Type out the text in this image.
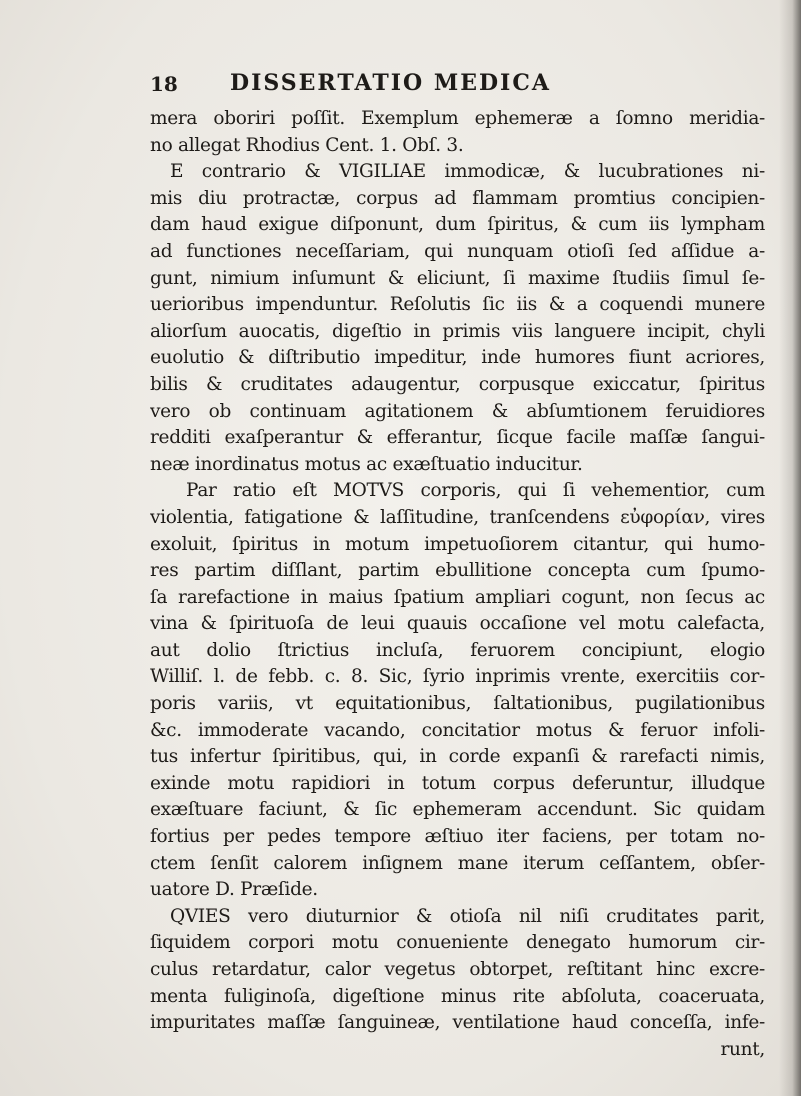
18 DISSERTATIO MEDICA
mera oboriri poſſit. Exemplum ephemeræ a ſomno meridia-
no allegat Rhodius Cent. 1. Obſ. 3.
E contrario & VIGILIAE immodicæ, & lucubrationes ni-
mis diu protractæ, corpus ad flammam promtius concipien-
dam haud exigue diſponunt, dum ſpiritus, & cum iis lympham
ad functiones neceſſariam, qui nunquam otioſi ſed aſſidue a-
gunt, nimium inſumunt & eliciunt, ſi maxime ſtudiis ſimul ſe-
uerioribus impenduntur. Reſolutis ſic iis & a coquendi munere
aliorſum auocatis, digeſtio in primis viis languere incipit, chyli
euolutio & diſtributio impeditur, inde humores fiunt acriores,
bilis & cruditates adaugentur, corpusque exiccatur, ſpiritus
vero ob continuam agitationem & abſumtionem feruidiores
redditi exaſperantur & efferantur, ſicque facile maſſæ ſangui-
neæ inordinatus motus ac exæſtuatio inducitur.
Par ratio eſt MOTVS corporis, qui ſi vehementior, cum
violentia, fatigatione & laſſitudine, tranſcendens εὐφορίαν, vires
exoluit, ſpiritus in motum impetuoſiorem citantur, qui humo-
res partim diſſlant, partim ebullitione concepta cum ſpumo-
ſa rarefactione in maius ſpatium ampliari cogunt, non ſecus ac
vina & ſpirituoſa de leui quauis occaſione vel motu calefacta,
aut dolio ſtrictius incluſa, feruorem concipiunt, elogio
Williſ. l. de febb. c. 8. Sic, ſyrio inprimis vrente, exercitiis cor-
poris variis, vt equitationibus, ſaltationibus, pugilationibus
&c. immoderate vacando, concitatior motus & feruor infoli-
tus infertur ſpiritibus, qui, in corde expanſi & rarefacti nimis,
exinde motu rapidiori in totum corpus deferuntur, illudque
exæſtuare faciunt, & ſic ephemeram accendunt. Sic quidam
fortius per pedes tempore æſtiuo iter faciens, per totam no-
ctem ſenſit calorem inſignem mane iterum ceſſantem, obſer-
uatore D. Præſide.
QVIES vero diuturnior & otioſa nil niſi cruditates parit,
ſiquidem corpori motu conueniente denegato humorum cir-
culus retardatur, calor vegetus obtorpet, reſtitant hinc excre-
menta fuliginoſa, digeſtione minus rite abſoluta, coaceruata,
impuritates maſſæ ſanguineæ, ventilatione haud conceſſa, infe-
runt,
